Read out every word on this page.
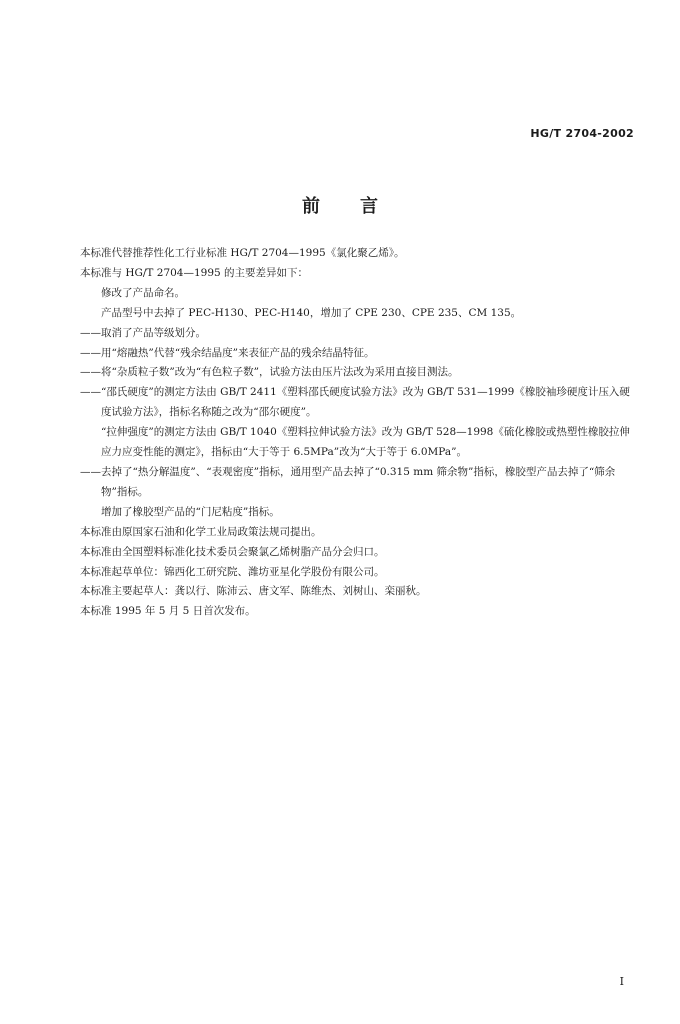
HG/T 2704-2002
前言
本标准代替推荐性化工行业标准 HG/T 2704—1995《氯化聚乙烯》。
本标准与 HG/T 2704—1995 的主要差异如下：
修改了产品命名。
产品型号中去掉了 PEC-H130、PEC-H140，增加了 CPE 230、CPE 235、CM 135。
——取消了产品等级划分。
——用“熔融热”代替“残余结晶度”来表征产品的残余结晶特征。
——将“杂质粒子数”改为“有色粒子数”，试验方法由压片法改为采用直接目测法。
——“邵氏硬度”的测定方法由 GB/T 2411《塑料邵氏硬度试验方法》改为 GB/T 531—1999《橡胶袖珍硬度计压入硬度试验方法》，指标名称随之改为“邵尔硬度”。
“拉伸强度”的测定方法由 GB/T 1040《塑料拉伸试验方法》改为 GB/T 528—1998《硫化橡胶或热塑性橡胶拉伸应力应变性能的测定》，指标由“大于等于 6.5MPa”改为“大于等于 6.0MPa”。
——去掉了“热分解温度”、“表观密度”指标，通用型产品去掉了“0.315 mm 筛余物”指标，橡胶型产品去掉了“筛余物”指标。
增加了橡胶型产品的“门尼粘度”指标。
本标准由原国家石油和化学工业局政策法规司提出。
本标准由全国塑料标准化技术委员会聚氯乙烯树脂产品分会归口。
本标准起草单位：锦西化工研究院、潍坊亚星化学股份有限公司。
本标准主要起草人：龚以行、陈沛云、唐文军、陈维杰、刘树山、栾丽秋。
本标准 1995 年 5 月 5 日首次发布。
I
